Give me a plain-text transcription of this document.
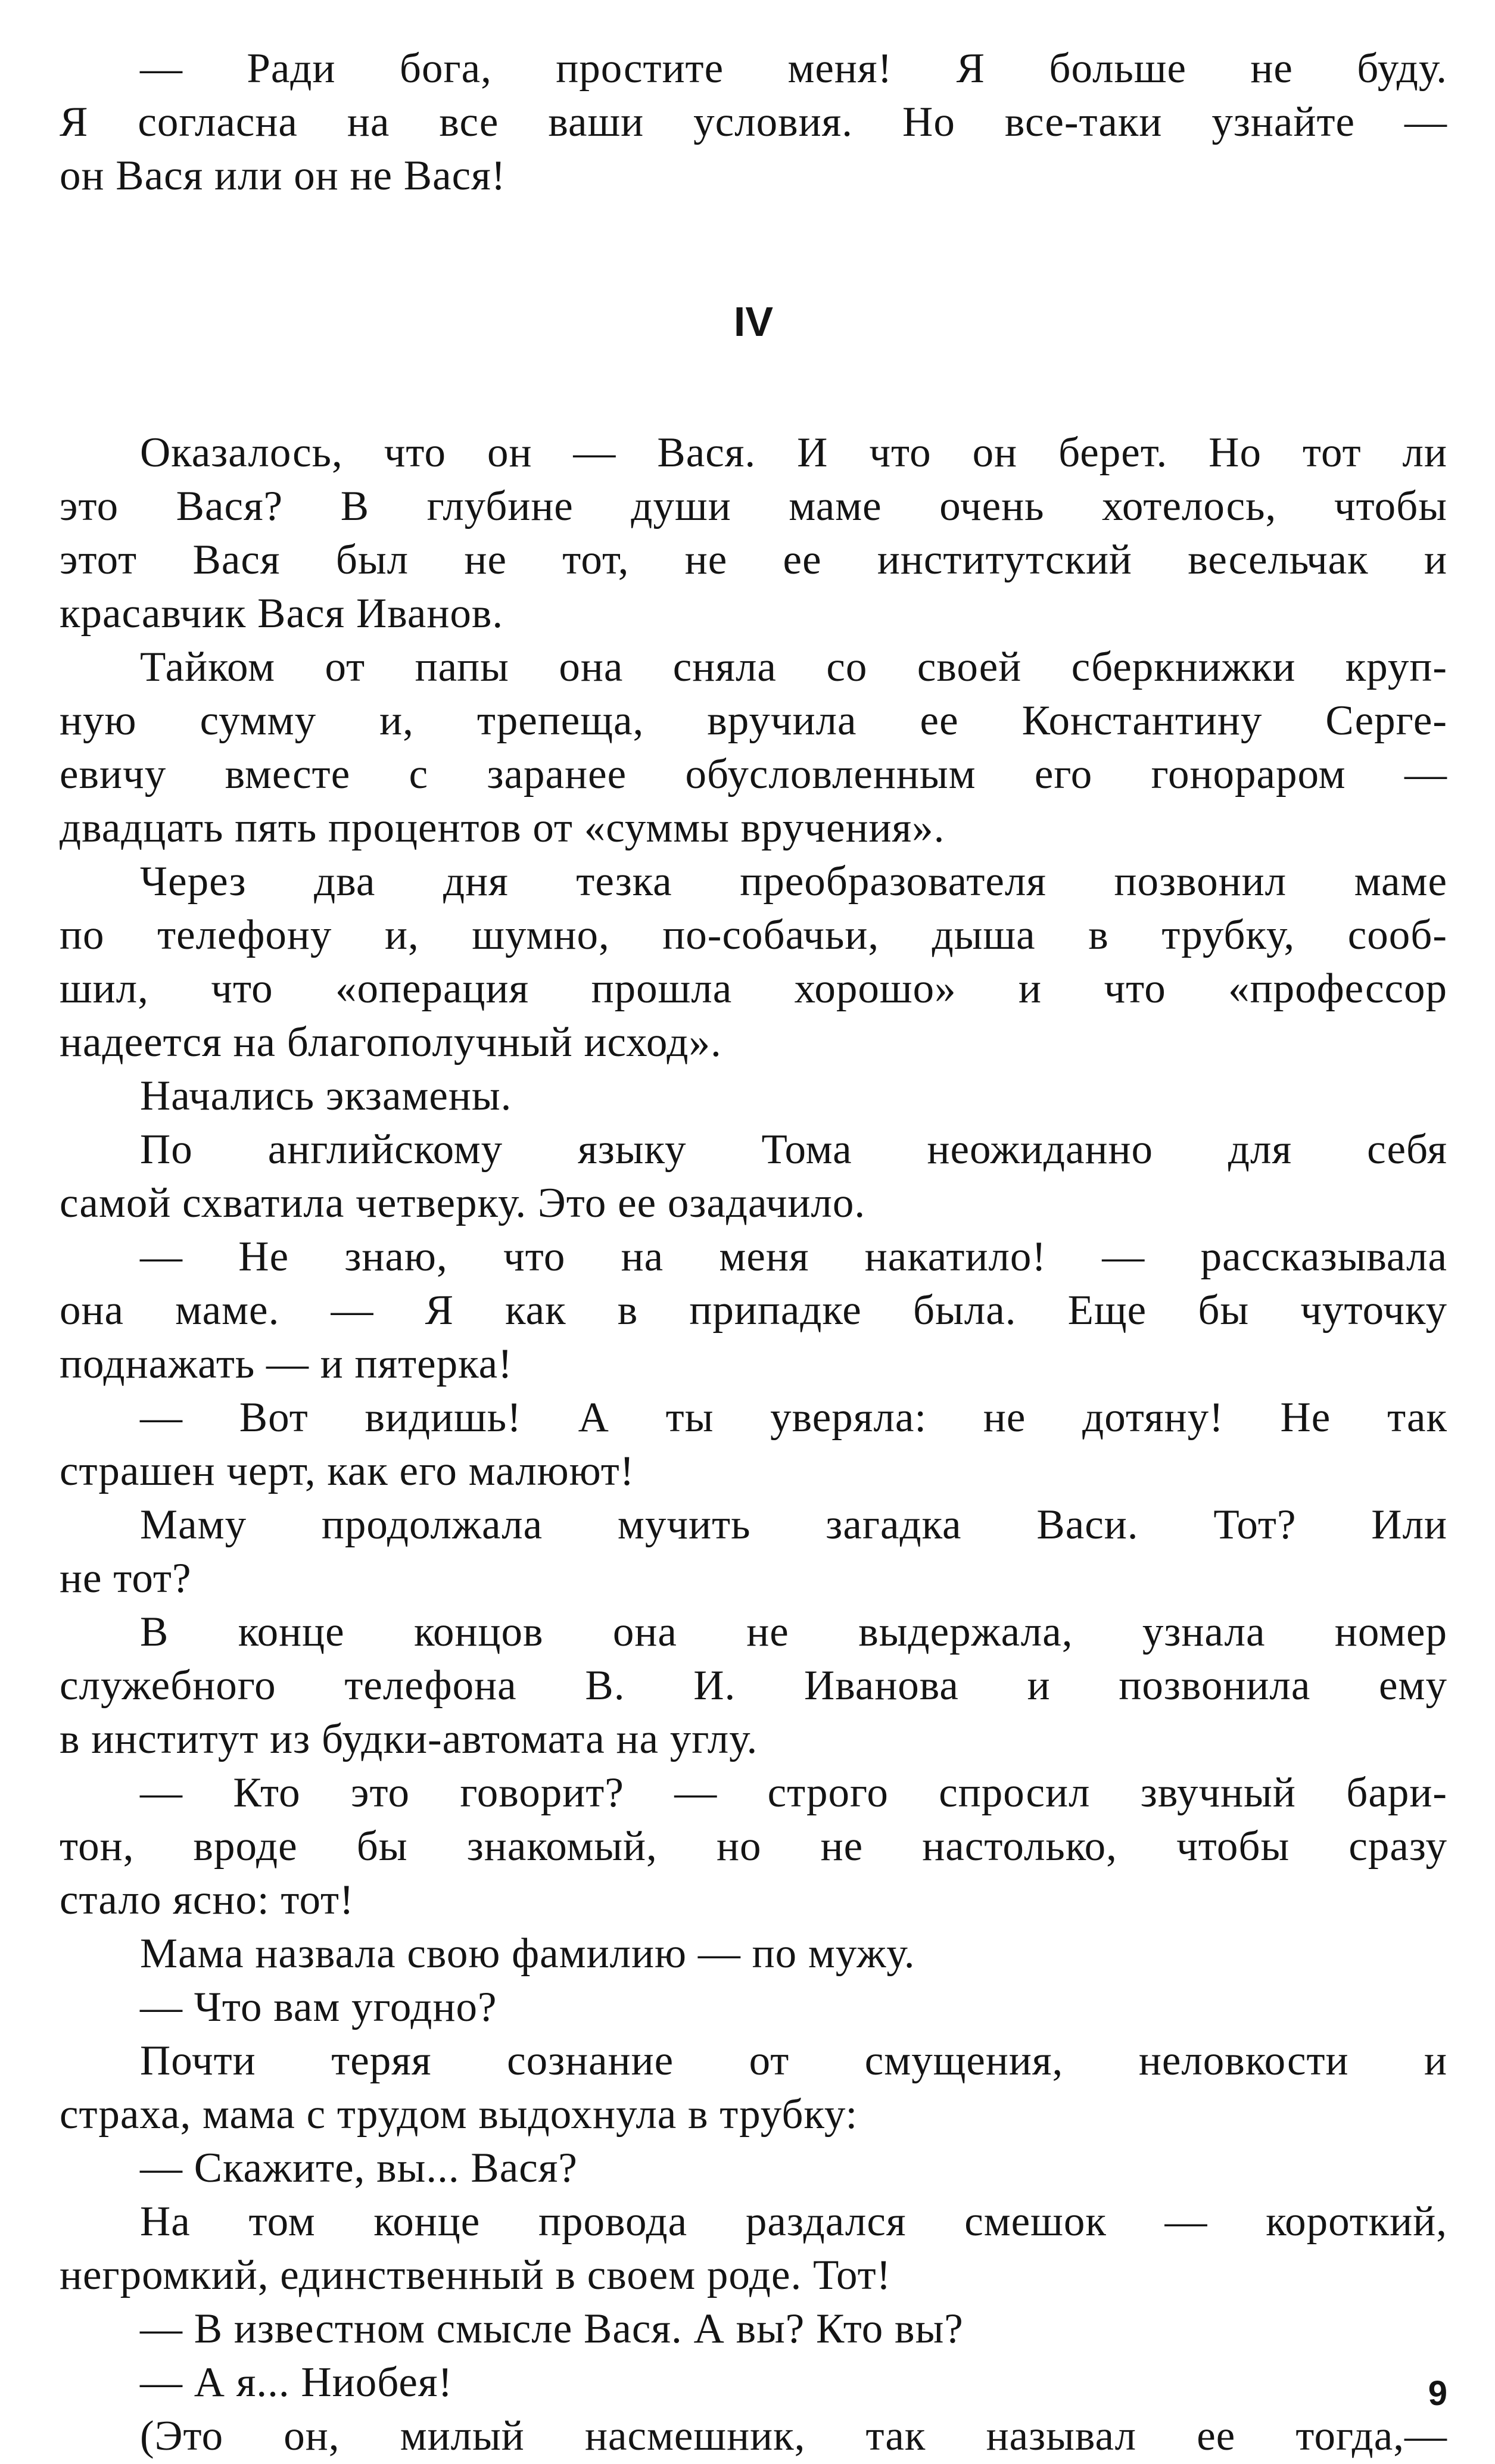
— Ради бога, простите меня! Я больше не буду.
Я согласна на все ваши условия. Но все-таки узнайте —
он Вася или он не Вася!
IV
Оказалось, что он — Вася. И что он берет. Но тот ли
это Вася? В глубине души маме очень хотелось, чтобы
этот Вася был не тот, не ее институтский весельчак и
красавчик Вася Иванов.
Тайком от папы она сняла со своей сберкнижки круп-
ную сумму и, трепеща, вручила ее Константину Серге-
евичу вместе с заранее обусловленным его гонораром —
двадцать пять процентов от «суммы вручения».
Через два дня тезка преобразователя позвонил маме
по телефону и, шумно, по-собачьи, дыша в трубку, сооб-
шил, что «операция прошла хорошо» и что «профессор
надеется на благополучный исход».
Начались экзамены.
По английскому языку Тома неожиданно для себя
самой схватила четверку. Это ее озадачило.
— Не знаю, что на меня накатило! — рассказывала
она маме. — Я как в припадке была. Еще бы чуточку
поднажать — и пятерка!
— Вот видишь! А ты уверяла: не дотяну! Не так
страшен черт, как его малюют!
Маму продолжала мучить загадка Васи. Тот? Или
не тот?
В конце концов она не выдержала, узнала номер
служебного телефона В. И. Иванова и позвонила ему
в институт из будки-автомата на углу.
— Кто это говорит? — строго спросил звучный бари-
тон, вроде бы знакомый, но не настолько, чтобы сразу
стало ясно: тот!
Мама назвала свою фамилию — по мужу.
— Что вам угодно?
Почти теряя сознание от смущения, неловкости и
страха, мама с трудом выдохнула в трубку:
— Скажите, вы... Вася?
На том конце провода раздался смешок — короткий,
негромкий, единственный в своем роде. Тот!
— В известном смысле Вася. А вы? Кто вы?
— А я... Ниобея!
(Это он, милый насмешник, так называл ее тогда,—
9
